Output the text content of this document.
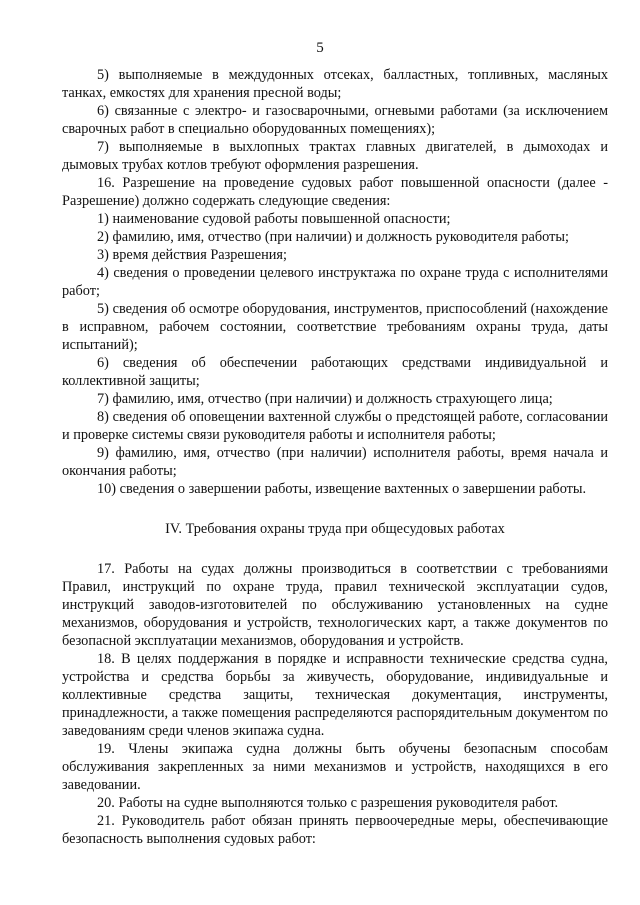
5

5) выполняемые в междудонных отсеках, балластных, топливных, масляных танках, емкостях для хранения пресной воды;

6) связанные с электро- и газосварочными, огневыми работами (за исключением сварочных работ в специально оборудованных помещениях);

7) выполняемые в выхлопных трактах главных двигателей, в дымоходах и дымовых трубах котлов требуют оформления разрешения.

16. Разрешение на проведение судовых работ повышенной опасности (далее - Разрешение) должно содержать следующие сведения:

1) наименование судовой работы повышенной опасности;

2) фамилию, имя, отчество (при наличии) и должность руководителя работы;

3) время действия Разрешения;

4) сведения о проведении целевого инструктажа по охране труда с исполнителями работ;

5) сведения об осмотре оборудования, инструментов, приспособлений (нахождение в исправном, рабочем состоянии, соответствие требованиям охраны труда, даты испытаний);

6) сведения об обеспечении работающих средствами индивидуальной и коллективной защиты;

7) фамилию, имя, отчество (при наличии) и должность страхующего лица;

8) сведения об оповещении вахтенной службы о предстоящей работе, согласовании и проверке системы связи руководителя работы и исполнителя работы;

9) фамилию, имя, отчество (при наличии) исполнителя работы, время начала и окончания работы;

10) сведения о завершении работы, извещение вахтенных о завершении работы.

IV. Требования охраны труда при общесудовых работах

17. Работы на судах должны производиться в соответствии с требованиями Правил, инструкций по охране труда, правил технической эксплуатации судов, инструкций заводов-изготовителей по обслуживанию установленных на судне механизмов, оборудования и устройств, технологических карт, а также документов по безопасной эксплуатации механизмов, оборудования и устройств.

18. В целях поддержания в порядке и исправности технические средства судна, устройства и средства борьбы за живучесть, оборудование, индивидуальные и коллективные средства защиты, техническая документация, инструменты, принадлежности, а также помещения распределяются распорядительным документом по заведованиям среди членов экипажа судна.

19. Члены экипажа судна должны быть обучены безопасным способам обслуживания закрепленных за ними механизмов и устройств, находящихся в его заведовании.

20. Работы на судне выполняются только с разрешения руководителя работ.

21. Руководитель работ обязан принять первоочередные меры, обеспечивающие безопасность выполнения судовых работ:
